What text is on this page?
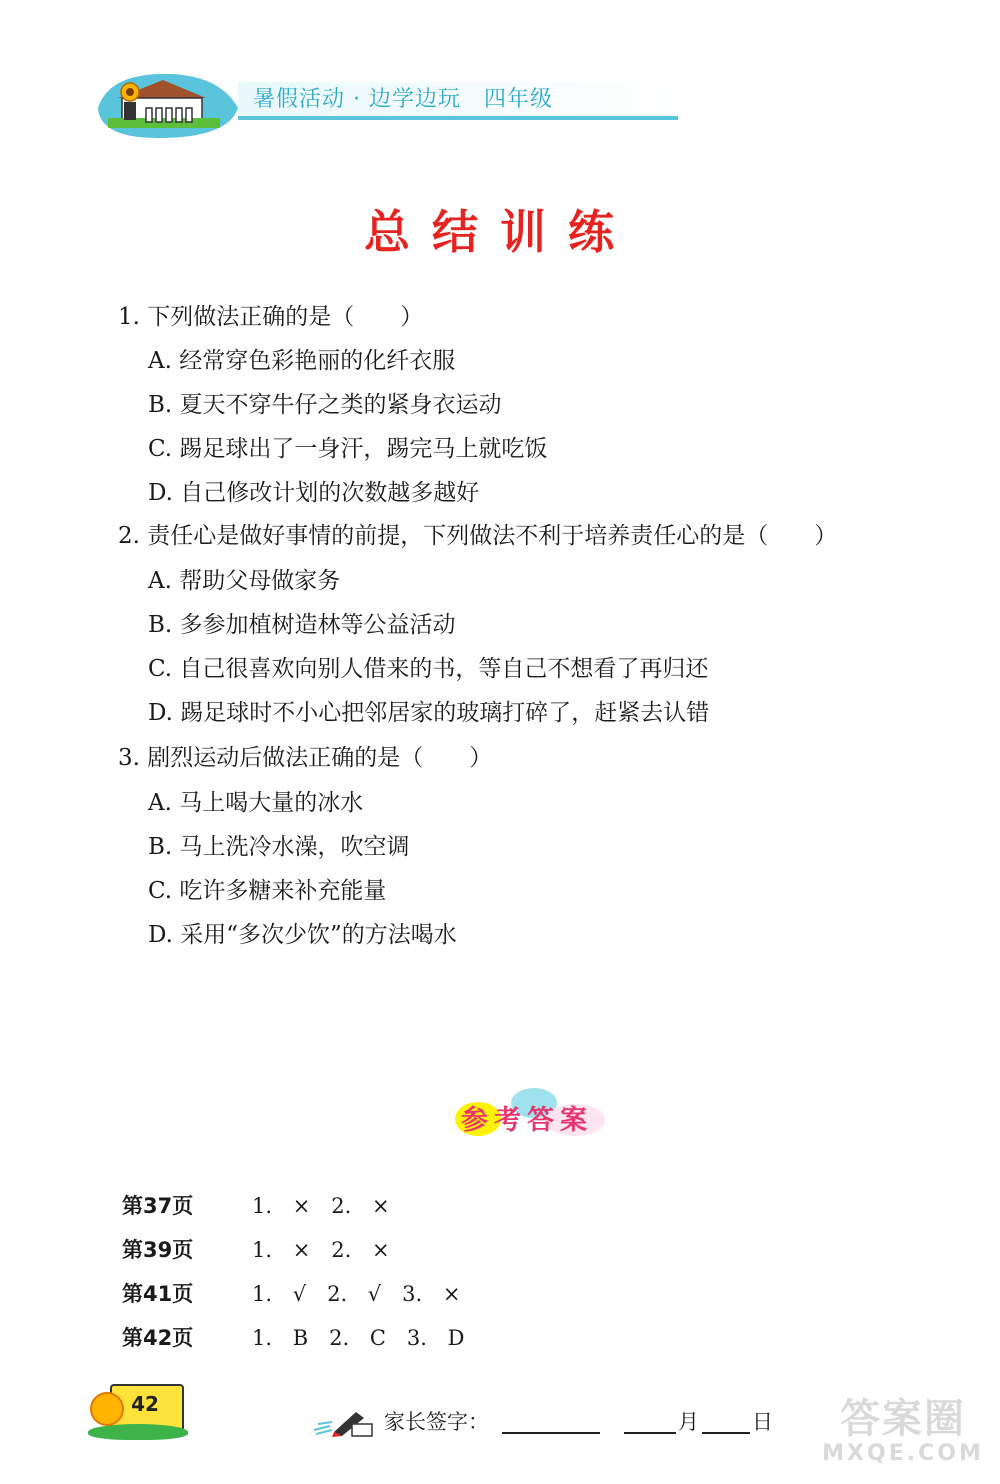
暑假活动 · 边学边玩　四年级
总结训练
1. 下列做法正确的是（　　）
A. 经常穿色彩艳丽的化纤衣服
B. 夏天不穿牛仔之类的紧身衣运动
C. 踢足球出了一身汗，踢完马上就吃饭
D. 自己修改计划的次数越多越好
2. 责任心是做好事情的前提，下列做法不利于培养责任心的是（　　）
A. 帮助父母做家务
B. 多参加植树造林等公益活动
C. 自己很喜欢向别人借来的书，等自己不想看了再归还
D. 踢足球时不小心把邻居家的玻璃打碎了，赶紧去认错
3. 剧烈运动后做法正确的是（　　）
A. 马上喝大量的冰水
B. 马上洗冷水澡，吹空调
C. 吃许多糖来补充能量
D. 采用“多次少饮”的方法喝水
参考答案
第37页	1. ×　2. ×
第39页	1. ×　2. ×
第41页	1. √　2. √　3. ×
第42页	1. B　2. C　3. D
42
家长签字：	月	日	答案圈
MXQE.COM
